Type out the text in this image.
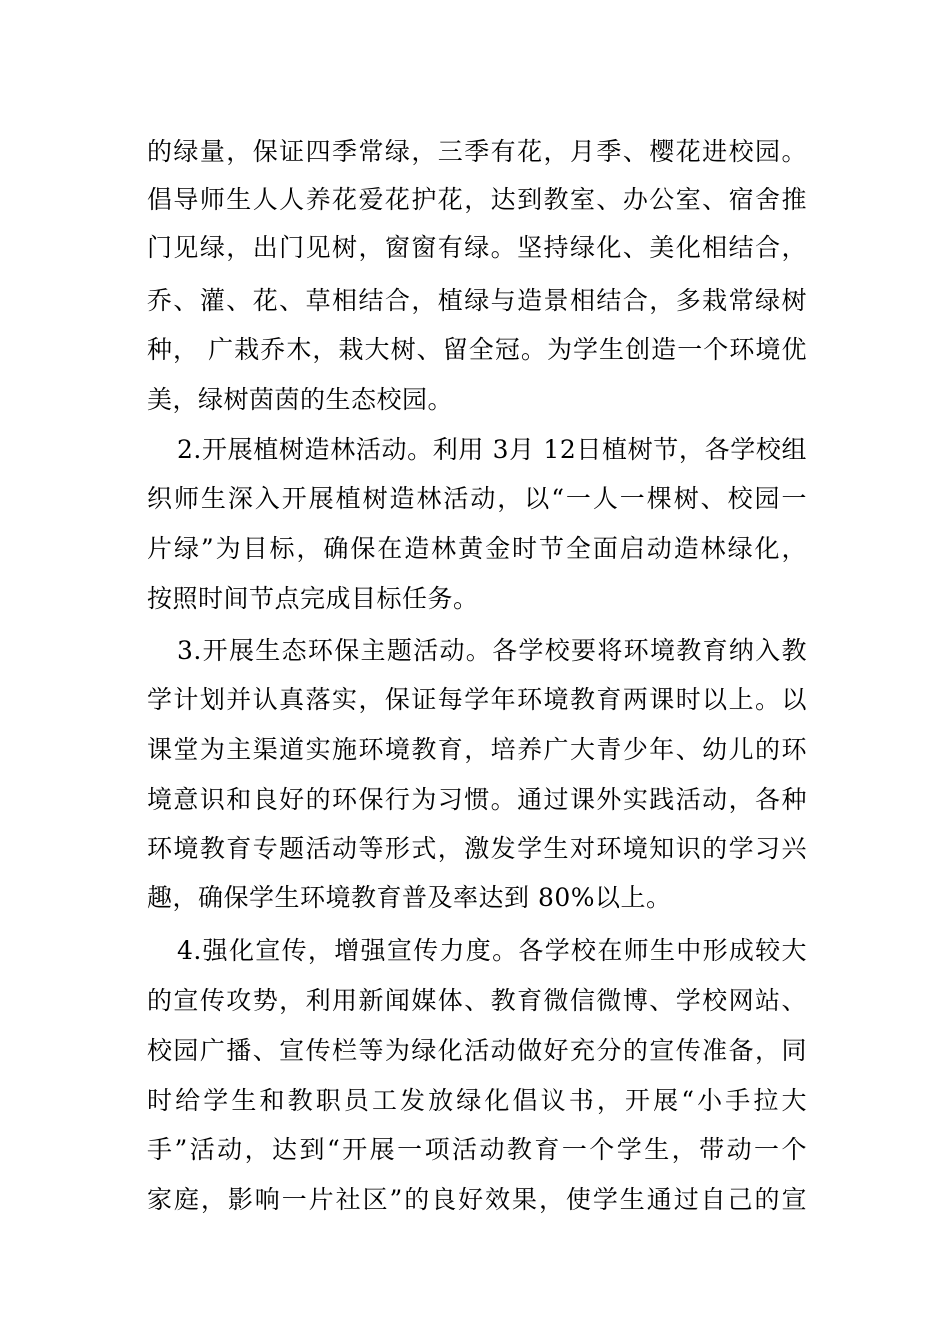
的绿量，保证四季常绿，三季有花，月季、樱花进校园。
倡导师生人人养花爱花护花，达到教室、办公室、宿舍推
门见绿，出门见树，窗窗有绿。坚持绿化、美化相结合，
乔、灌、花、草相结合，植绿与造景相结合，多栽常绿树
种， 广栽乔木，栽大树、留全冠。为学生创造一个环境优
美，绿树茵茵的生态校园。
2.开展植树造林活动。利用 3月 12日植树节，各学校组
织师生深入开展植树造林活动，以“一人一棵树、校园一
片绿”为目标，确保在造林黄金时节全面启动造林绿化，
按照时间节点完成目标任务。
3.开展生态环保主题活动。各学校要将环境教育纳入教
学计划并认真落实，保证每学年环境教育两课时以上。以
课堂为主渠道实施环境教育，培养广大青少年、幼儿的环
境意识和良好的环保行为习惯。通过课外实践活动，各种
环境教育专题活动等形式，激发学生对环境知识的学习兴
趣，确保学生环境教育普及率达到 80%以上。
4.强化宣传，增强宣传力度。各学校在师生中形成较大
的宣传攻势，利用新闻媒体、教育微信微博、学校网站、
校园广播、宣传栏等为绿化活动做好充分的宣传准备，同
时给学生和教职员工发放绿化倡议书，开展“小手拉大
手”活动，达到“开展一项活动教育一个学生，带动一个
家庭，影响一片社区”的良好效果，使学生通过自己的宣
